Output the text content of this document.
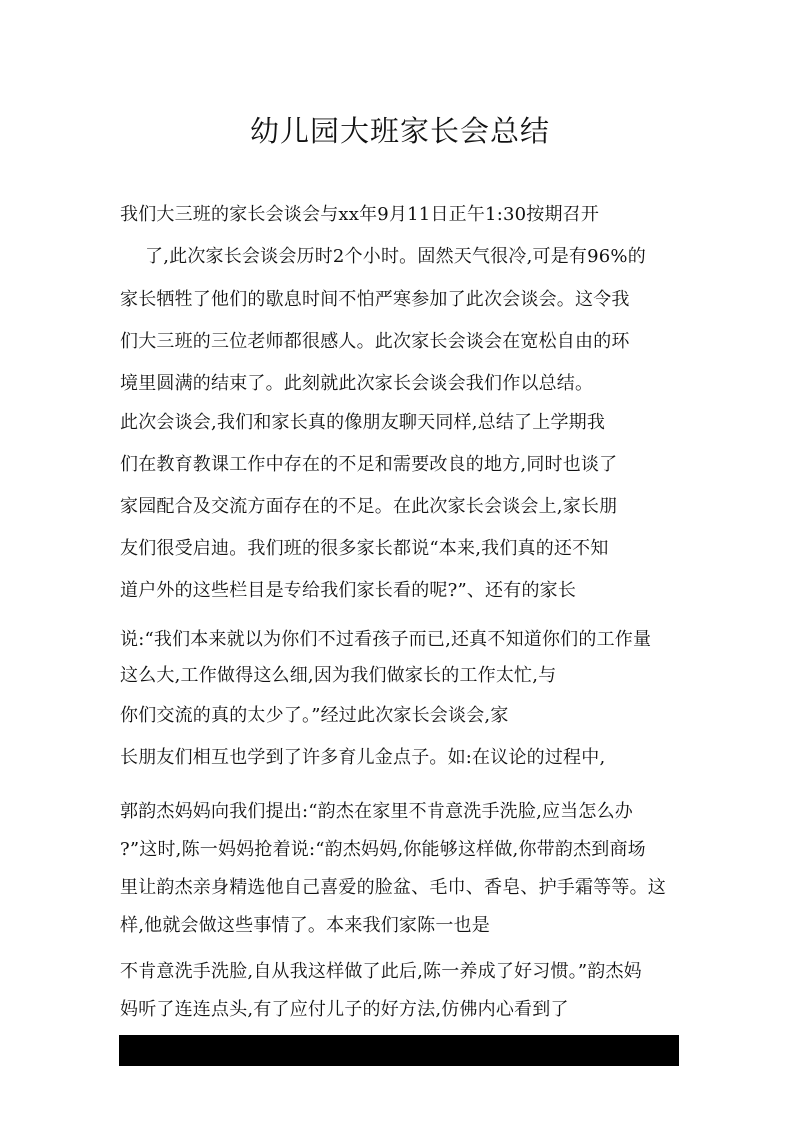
幼儿园大班家长会总结
我们大三班的家长会谈会与xx年9月11日正午1:30按期召开
了,此次家长会谈会历时2个小时。固然天气很冷,可是有96%的
家长牺牲了他们的歇息时间不怕严寒参加了此次会谈会。这令我
们大三班的三位老师都很感人。此次家长会谈会在宽松自由的环
境里圆满的结束了。此刻就此次家长会谈会我们作以总结。
此次会谈会,我们和家长真的像朋友聊天同样,总结了上学期我
们在教育教课工作中存在的不足和需要改良的地方,同时也谈了
家园配合及交流方面存在的不足。在此次家长会谈会上,家长朋
友们很受启迪。我们班的很多家长都说“本来,我们真的还不知
道户外的这些栏目是专给我们家长看的呢?”、还有的家长
说:“我们本来就以为你们不过看孩子而已,还真不知道你们的工作量
这么大,工作做得这么细,因为我们做家长的工作太忙,与
你们交流的真的太少了。”经过此次家长会谈会,家
长朋友们相互也学到了许多育儿金点子。如:在议论的过程中,
郭韵杰妈妈向我们提出:“韵杰在家里不肯意洗手洗脸,应当怎么办
?”这时,陈一妈妈抢着说:“韵杰妈妈,你能够这样做,你带韵杰到商场
里让韵杰亲身精选他自己喜爱的脸盆、毛巾、香皂、护手霜等等。这
样,他就会做这些事情了。本来我们家陈一也是
不肯意洗手洗脸,自从我这样做了此后,陈一养成了好习惯。”韵杰妈
妈听了连连点头,有了应付儿子的好方法,仿佛内心看到了
